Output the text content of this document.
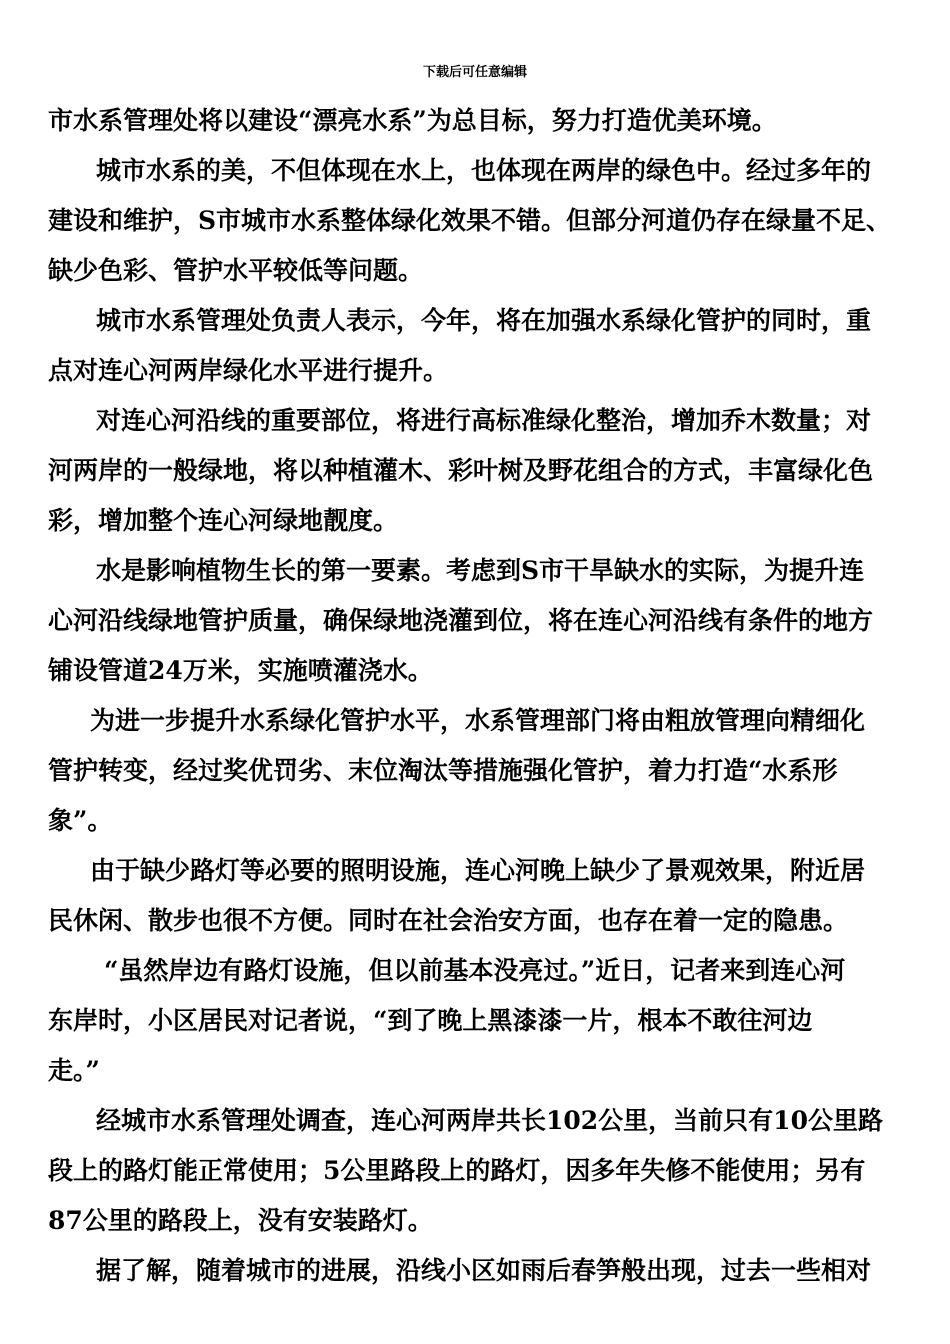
下载后可任意编辑
市水系管理处将以建设“漂亮水系”为总目标，努力打造优美环境。
城市水系的美，不但体现在水上，也体现在两岸的绿色中。经过多年的
建设和维护，S市城市水系整体绿化效果不错。但部分河道仍存在绿量不足、
缺少色彩、管护水平较低等问题。
城市水系管理处负责人表示，今年，将在加强水系绿化管护的同时，重
点对连心河两岸绿化水平进行提升。
对连心河沿线的重要部位，将进行高标准绿化整治，增加乔木数量；对
河两岸的一般绿地，将以种植灌木、彩叶树及野花组合的方式，丰富绿化色
彩，增加整个连心河绿地靓度。
水是影响植物生长的第一要素。考虑到S市干旱缺水的实际，为提升连
心河沿线绿地管护质量，确保绿地浇灌到位，将在连心河沿线有条件的地方
铺设管道24万米，实施喷灌浇水。
为进一步提升水系绿化管护水平，水系管理部门将由粗放管理向精细化
管护转变，经过奖优罚劣、末位淘汰等措施强化管护，着力打造“水系形
象”。
由于缺少路灯等必要的照明设施，连心河晚上缺少了景观效果，附近居
民休闲、散步也很不方便。同时在社会治安方面，也存在着一定的隐患。
“虽然岸边有路灯设施，但以前基本没亮过。”近日，记者来到连心河
东岸时，小区居民对记者说，“到了晚上黑漆漆一片，根本不敢往河边
走。”
经城市水系管理处调查，连心河两岸共长102公里，当前只有10公里路
段上的路灯能正常使用；5公里路段上的路灯，因多年失修不能使用；另有
87公里的路段上，没有安装路灯。
据了解，随着城市的进展，沿线小区如雨后春笋般出现，过去一些相对
